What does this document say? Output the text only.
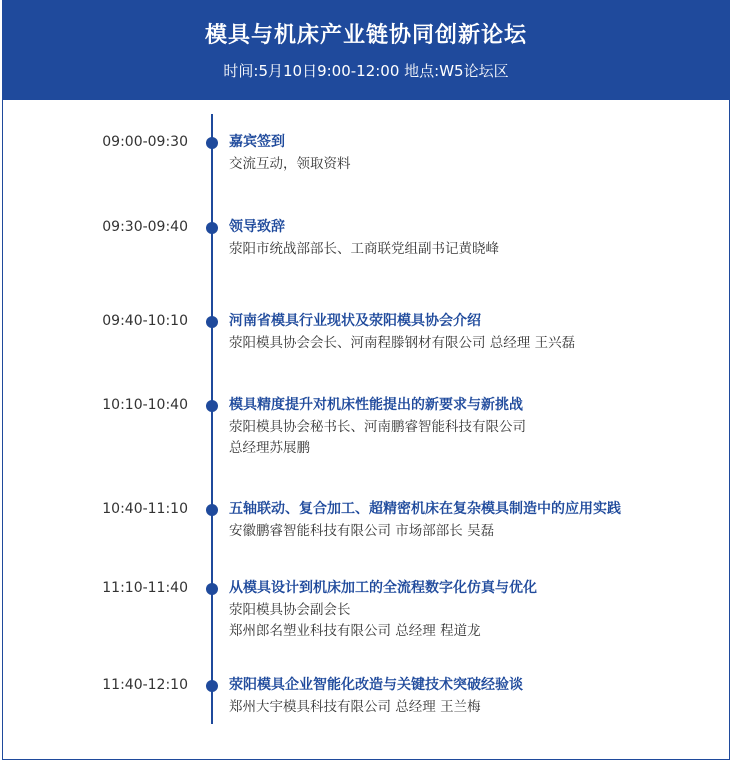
模具与机床产业链协同创新论坛
时间:5月10日9:00-12:00 地点:W5论坛区
09:00-09:30	嘉宾签到
交流互动，领取资料
09:30-09:40	领导致辞
荥阳市统战部部长、工商联党组副书记黄晓峰
09:40-10:10	河南省模具行业现状及荥阳模具协会介绍
荥阳模具协会会长、河南程滕钢材有限公司 总经理 王兴磊
10:10-10:40	模具精度提升对机床性能提出的新要求与新挑战
荥阳模具协会秘书长、河南鹏睿智能科技有限公司
总经理苏展鹏
10:40-11:10	五轴联动、复合加工、超精密机床在复杂模具制造中的应用实践
安徽鹏睿智能科技有限公司 市场部部长 吴磊
11:10-11:40	从模具设计到机床加工的全流程数字化仿真与优化
荥阳模具协会副会长
郑州郎名塑业科技有限公司 总经理 程道龙
11:40-12:10	荥阳模具企业智能化改造与关键技术突破经验谈
郑州大宇模具科技有限公司 总经理 王兰梅
